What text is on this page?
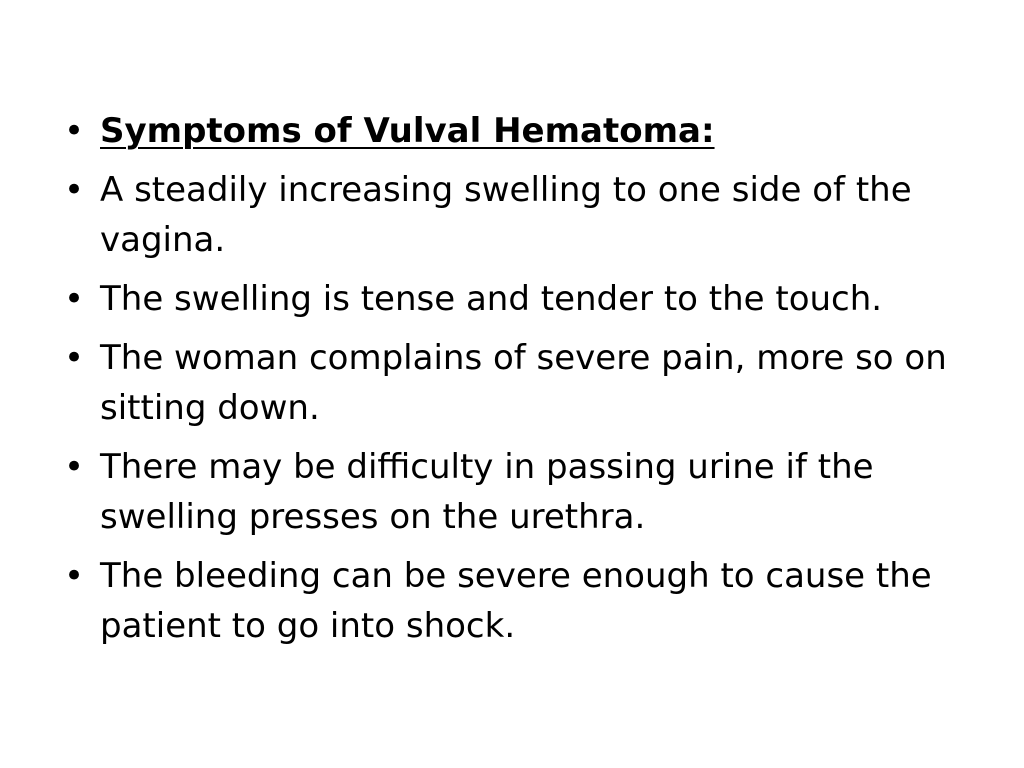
• Symptoms of Vulval Hematoma:
• A steadily increasing swelling to one side of the vagina.
• The swelling is tense and tender to the touch.
• The woman complains of severe pain, more so on sitting down.
• There may be difficulty in passing urine if the swelling presses on the urethra.
• The bleeding can be severe enough to cause the patient to go into shock.
